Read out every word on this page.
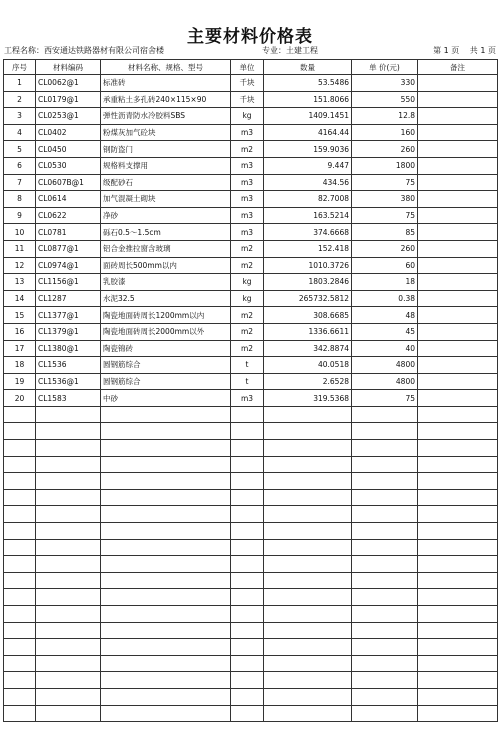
主要材料价格表
工程名称：西安通达铁路器材有限公司宿舍楼	专业：土建工程	第 1 页　 共 1 页
序号	材料编码	材料名称、规格、型号	单位	数量	单 价(元)	备注
1	CL0062@1	标准砖	千块	53.5486	330	
2	CL0179@1	承重粘土多孔砖240×115×90	千块	151.8066	550	
3	CL0253@1	弹性沥青防水冷胶料SBS	kg	1409.1451	12.8	
4	CL0402	粉煤灰加气砼块	m3	4164.44	160	
5	CL0450	钢防盗门	m2	159.9036	260	
6	CL0530	规格料支撑用	m3	9.447	1800	
7	CL0607B@1	级配砂石	m3	434.56	75	
8	CL0614	加气混凝土砌块	m3	82.7008	380	
9	CL0622	净砂	m3	163.5214	75	
10	CL0781	砾石0.5～1.5cm	m3	374.6668	85	
11	CL0877@1	铝合金推拉窗含玻璃	m2	152.418	260	
12	CL0974@1	面砖周长500mm以内	m2	1010.3726	60	
13	CL1156@1	乳胶漆	kg	1803.2846	18	
14	CL1287	水泥32.5	kg	265732.5812	0.38	
15	CL1377@1	陶瓷地面砖周长1200mm以内	m2	308.6685	48	
16	CL1379@1	陶瓷地面砖周长2000mm以外	m2	1336.6611	45	
17	CL1380@1	陶瓷锦砖	m2	342.8874	40	
18	CL1536	圆钢筋综合	t	40.0518	4800	
19	CL1536@1	圆钢筋综合	t	2.6528	4800	
20	CL1583	中砂	m3	319.5368	75	
